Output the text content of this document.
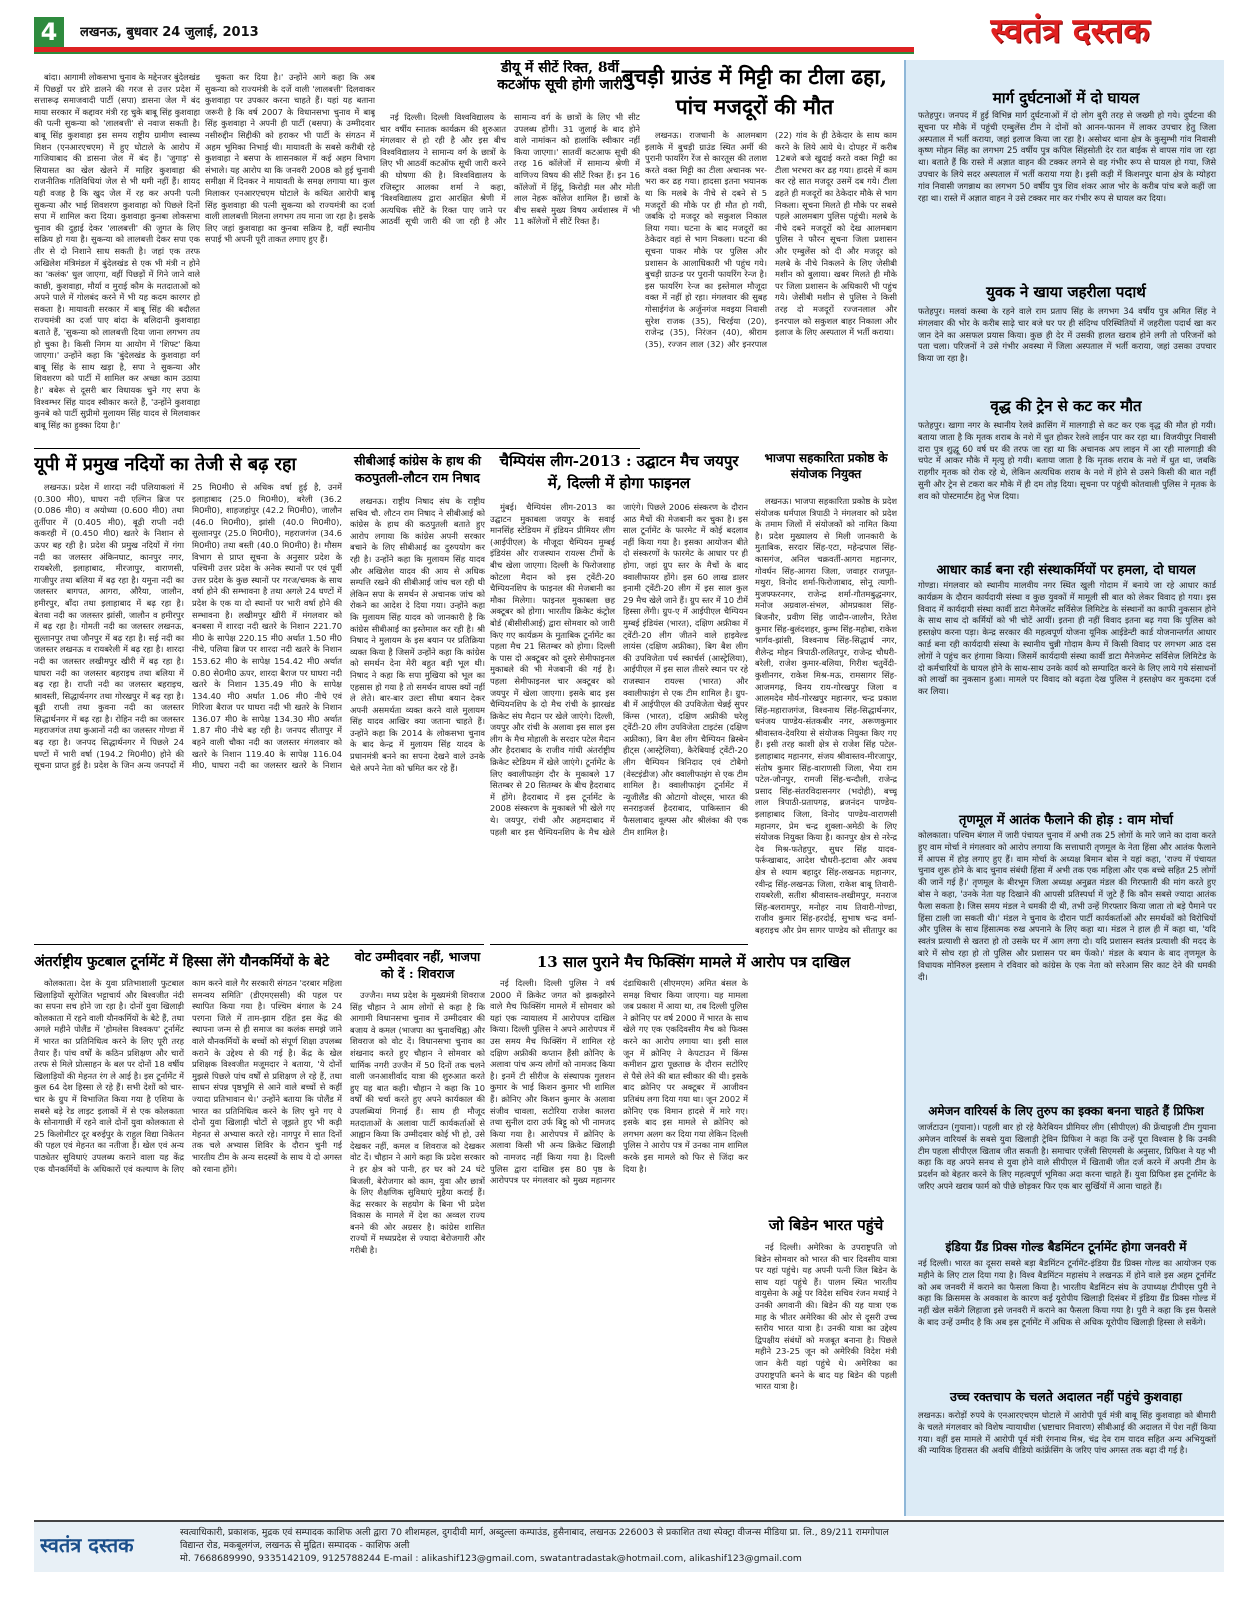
4	लखनऊ, बुधवार 24 जुलाई, 2013	स्वतंत्र दस्तक

बांदा। आगामी लोकसभा चुनाव के मद्देनजर बुंदेलखंड में पिछड़ों पर डोरे डालने की गरज से उत्तर प्रदेश में सत्तारूढ़ समाजवादी पार्टी (सपा) डासना जेल में बंद माया सरकार में कद्दावर मंत्री रह चुके बाबू सिंह कुशवाहा की पत्नी सुकन्या को 'लालबत्ती' से नवाज सकती है। बाबू सिंह कुशवाहा इस समय राष्ट्रीय ग्रामीण स्वास्थ्य मिशन (एनआरएचएम) में हुए घोटाले के आरोप में गाजियाबाद की डासना जेल में बंद हैं। 'जुगाड़' से सियासत का खेल खेलने में माहिर कुशवाहा की राजनीतिक गतिविधियां जेल से भी थमी नहीं हैं। शायद यही वजह है कि खुद जेल में रह कर अपनी पत्नी सुकन्या और भाई शिवशरण कुशवाहा को पिछले दिनों सपा में शामिल करा दिया। कुशवाहा कुनबा लोकसभा चुनाव की दुहाई देकर 'लालबत्ती' की जुगत के लिए सक्रिय हो गया है। सुकन्या को लालबत्ती देकर सपा एक तीर से दो निशाने साध सकती है। जहां एक तरफ अखिलेश मंत्रिमंडल में बुंदेलखंड से एक भी मंत्री न होने का 'कलंक' धुल जाएगा, वहीं पिछड़ों में गिने जाने वाले काछी, कुशवाहा, मौर्या व मुराई कौम के मतदाताओं को अपने पाले में गोलबंद करने में भी यह कदम कारगर हो सकता है। मायावती सरकार में बाबू सिंह की बदौलत राज्यमंत्री का दर्जा पाए बांदा के बलिदानी कुशवाहा बताते हैं, 'सुकन्या को लालबत्ती दिया जाना लगभग तय हो चुका है। किसी निगम या आयोग में 'शिफ्ट' किया जाएगा।' उन्होंने कहा कि 'बुंदेलखंड के कुशवाहा वर्ग बाबू सिंह के साथ खड़ा है, सपा ने सुकन्या और शिवशरण को पार्टी में शामिल कर अच्छा काम उठाया है।' बबेरू से दूसरी बार विधायक चुने गए सपा के विश्वम्भर सिंह यादव स्वीकार करते हैं, 'उन्होंने कुशवाहा कुनबे को पार्टी सुप्रीमो मुलायम सिंह यादव से मिलवाकर बाबू सिंह का हुक्का दिया है।'

चुकता कर दिया है।' उन्होंने आगे कहा कि अब सुकन्या को राज्यमंत्री के दर्जे वाली 'लालबत्ती' दिलवाकर कुशवाहा पर उपकार करना चाहते हैं। यहां यह बताना जरूरी है कि वर्ष 2007 के विधानसभा चुनाव में बाबू सिंह कुशवाहा ने अपनी ही पार्टी (बसपा) के उम्मीदवार नसीरुद्दीन सिद्दीकी को हराकर भी पार्टी के संगठन में अहम भूमिका निभाई थी। मायावती के सबसे करीबी रहे कुशवाहा ने बसपा के शासनकाल में कई अहम विभाग संभाले। यह आरोप था कि जनवरी 2008 को हुई चुनावी समीक्षा में दिनकर ने मायावती के समक्ष लगाया था। कुल मिलाकर एनआरएचएम घोटाले के कथित आरोपी बाबू सिंह कुशवाहा की पत्नी सुकन्या को राज्यमंत्री का दर्जा वाली लालबत्ती मिलना लगभग तय माना जा रहा है। इसके लिए जहां कुशवाहा का कुनबा सक्रिय है, वहीं स्थानीय सपाई भी अपनी पूरी ताकत लगाए हुए हैं।

डीयू में सीटें रिक्त, 8वीं कटऑफ सूची होगी जारी

नई दिल्ली। दिल्ली विश्वविद्यालय के चार वर्षीय स्नातक कार्यक्रम की शुरुआत मंगलवार से हो रही है और इस बीच विश्वविद्यालय ने सामान्य वर्ग के छात्रों के लिए भी आठवीं कटऑफ सूची जारी करने की घोषणा की है। विश्वविद्यालय के रजिस्ट्रार आलका शर्मा ने कहा, 'विश्वविद्यालय द्वारा आरक्षित श्रेणी में अत्यधिक सीटें के रिक्त पाए जाने पर आठवीं सूची जारी की जा रही है और सामान्य वर्ग के छात्रों के लिए भी सीट उपलब्ध होंगी। 31 जुलाई के बाद होने वाले नामांकन को हालांकि स्वीकार नहीं किया जाएगा।' सातवीं कटआफ सूची की तरह 16 कॉलेजों में सामान्य श्रेणी में वाणिज्य विषय की सीटें रिक्त हैं। इन 16 कॉलेजों में हिंदू, किरोड़ी मल और मोती लाल नेहरू कॉलेज शामिल हैं। छात्रों के बीच सबसे मुख्य विषय अर्थशास्त्र में भी 11 कॉलेजों में सीटें रिक्त हैं।

बुचड़ी ग्राउंड में मिट्टी का टीला ढहा, पांच मजदूरों की मौत

लखनऊ। राजधानी के आलमबाग इलाके में बुचड़ी ग्राउंड स्थित अर्मी की पुरानी फायरिंग रेंज से कारतूस की तलाश करते वक्त मिट्टी का टीला अचानक भर-भरा कर ढह गया। हादसा इतना भयानक था कि मलबे के नीचे से दबने से 5 मजदूरों की मौके पर ही मौत हो गयी, जबकि दो मजदूर को सकुशल निकाल लिया गया। घटना के बाद मजदूरों का ठेकेदार वहां से भाग निकला। घटना की सूचना पाकर मौके पर पुलिस और प्रशासन के आलाधिकारी भी पहुंच गये। बुचड़ी ग्राउन्ड पर पुरानी फायरिंग रेन्ज है। इस फायरिंग रेन्ज का इस्तेमाल मौजूदा वक्त में नहीं हो रहा। मंगलवार की सुबह गोसाईगंज के अर्जुनगंज मवइया निवासी सुरेश राजक (35), चिरईया (20), राजेन्द्र (35), निरंजन (40), श्रीराम (35), रज्जन लाल (32) और इनरपाल (22) गांव के ही ठेकेदार के साथ काम करने के लिये आये थे। दोपहर में करीब 12बजे बजे खुदाई करते वक्त मिट्टी का टीला भरभरा कर ढह गया। हादसे में काम कर रहे सात मजदूर उसमें दब गये। टीला ढहते ही मजदूरों का ठेकेदार मौके से भाग निकला। सूचना मिलते ही मौके पर सबसे पहले आलमबाग पुलिस पहुंची। मलबे के नीचे दबने मजदूरों को देख आलमबाग पुलिस ने फौरन सूचना जिला प्रशासन और एम्बुलेंस को दी और मजदूर को मलबे के नीचे निकलने के लिए जेसीबी मशीन को बुलाया। खबर मिलते ही मौके पर जिला प्रशासन के अधिकारी भी पहुंच गये। जेसीबी मशीन से पुलिस ने किसी तरह दो मजदूरों रज्जनलाल और इनरपाल को सकुशल बाहर निकाला और इलाज के लिए अस्पताल में भर्ती कराया।

यूपी में प्रमुख नदियों का तेजी से बढ़ रहा

लखनऊ। प्रदेश में शारदा नदी पलियाकलां में (0.300 मी0), घाघरा नदी एल्गिन ब्रिज पर (0.086 मी0) व अयोध्या (0.600 मी0) तथा तुर्तीपार में (0.405 मी0), बूढ़ी राप्ती नदी ककरही में (0.450 मी0) खतरे के निशान से ऊपर बह रही है। प्रदेश की प्रमुख नदियों में गंगा नदी का जलस्तर अंकिनघाट, कानपुर नगर, रायबरेली, इलाहाबाद, मीरजापुर, वाराणसी, गाजीपुर तथा बलिया में बढ़ रहा है। यमुना नदी का जलस्तर बागपत, आगरा, औरैया, जालौन, हमीरपुर, बाँदा तथा इलाहाबाद में बढ़ रहा है। बेतवा नदी का जलस्तर झांसी, जालौन व हमीरपुर में बढ़ रहा है। गोमती नदी का जलस्तर लखनऊ, सुल्तानपुर तथा जौनपुर में बढ़ रहा है। सई नदी का जलस्तर लखनऊ व रायबरेली में बढ़ रहा है। शारदा नदी का जलस्तर लखीमपुर खीरी में बढ़ रहा है। घाघरा नदी का जलस्तर बहराइच तथा बलिया में बढ़ रहा है। राप्ती नदी का जलस्तर बहराइच, श्रावस्ती, सिद्धार्थनगर तथा गोरखपुर में बढ़ रहा है। बूढ़ी राप्ती तथा कुवना नदी का जलस्तर सिद्धार्थनगर में बढ़ रहा है। रोहिन नदी का जलस्तर महराजगंज तथा कुआनों नदी का जलस्तर गोण्डा में बढ़ रहा है। जनपद सिद्धार्थनगर में पिछले 24 घण्टों में भारी वर्षा (194.2 मि0मी0) होने की सूचना प्राप्त हुई है। प्रदेश के जिन अन्य जनपदों में 25 मि0मी0 से अधिक वर्षा हुई है, उनमें इलाहाबाद (25.0 मि0मी0), बरेली (36.2 मि0मी0), शाहजहांपुर (42.2 मि0मी0), जालौन (46.0 मि0मी0), झांसी (40.0 मि0मी0), सुल्तानपुर (25.0 मि0मी0), महराजगंज (34.6 मि0मी0) तथा बस्ती (40.0 मि0मी0) है। मौसम विभाग से प्राप्त सूचना के अनुसार प्रदेश के पश्चिमी उत्तर प्रदेश के अनेक स्थानों पर एवं पूर्वी उत्तर प्रदेश के कुछ स्थानों पर गरज/चमक के साथ वर्षा होने की सम्भावना है तथा अगले 24 घण्टों में प्रदेश के एक या दो स्थानों पर भारी वर्षा होने की सम्भावना है। लखीमपुर खीरी में मंगलवार को बनबसा में शारदा नदी खतरे के निशान 221.70 मी0 के सापेक्ष 220.15 मी0 अर्थात 1.50 मी0 नीचे, पलिया ब्रिज पर शारदा नदी खतरे के निशान 153.62 मी0 के सापेक्ष 154.42 मी0 अर्थात 0.80 से0मी0 ऊपर, शारदा बैराज पर घाघरा नदी खतरे के निशान 135.49 मी0 के सापेक्ष 134.40 मी0 अर्थात 1.06 मी0 नीचे एवं गिरिजा बैराज पर घाघरा नदी भी खतरे के निशान 136.07 मी0 के सापेक्ष 134.30 मी0 अर्थात 1.87 मी0 नीचे बह रही है। जनपद सीतापुर में बहने वाली चौका नदी का जलस्तर मंगलवार को खतरे के निशान 119.40 के सापेक्ष 116.04 मी0, घाघरा नदी का जलस्तर खतरे के निशान

सीबीआई कांग्रेस के हाथ की कठपुतली-लौटन राम निषाद

लखनऊ। राष्ट्रीय निषाद संघ के राष्ट्रीय सचिव चौ. लौटन राम निषाद ने सीबीआई को कांग्रेस के हाथ की कठपुतली बताते हुए आरोप लगाया कि कांग्रेस अपनी सरकार बचाने के लिए सीबीआई का दुरुपयोग कर रही है। उन्होंने कहा कि मुलायम सिंह यादव और अखिलेश यादव की आय से अधिक सम्पत्ति रखने की सीबीआई जांच चल रही थी लेकिन सपा के समर्थन से अचानक जांच को रोकने का आदेश दे दिया गया। उन्होंने कहा कि मुलायम सिंह यादव को जानकारी है कि कांग्रेस सीबीआई का इस्तेमाल कर रही है। श्री निषाद ने मुलायम के इस बयान पर प्रतिक्रिया व्यक्त किया है जिसमें उन्होंने कहा कि कांग्रेस को समर्थन देना मेरी बहुत बड़ी भूल थी। निषाद ने कहा कि सपा मुखिया को भूल का एहसास हो गया है तो समर्थन वापस क्यों नहीं ले लेते। बार-बार उल्टा सीधा बयान देकर अपनी असमर्थता व्यक्त करने वाले मुलायम सिंह यादव आखिर क्या जताना चाहते हैं। उन्होंने कहा कि 2014 के लोकसभा चुनाव के बाद केन्द्र में मुलायम सिंह यादव के प्रधानमंत्री बनने का सपना देखने वाले उनके चेले अपने नेता को भ्रमित कर रहे हैं।

चैम्पियंस लीग-2013 : उद्घाटन मैच जयपुर में, दिल्ली में होगा फाइनल

मुंबई। चैम्पियंस लीग-2013 का उद्घाटन मुकाबला जयपुर के सवाई मानसिंह स्टेडियम में इंडियन प्रीमियर लीग (आईपीएल) के मौजूदा चैम्पियन मुम्बई इंडियंस और राजस्थान रायल्स टीमों के बीच खेला जाएगा। दिल्ली के फिरोजशाह कोटला मैदान को इस ट्वेंटी-20 चैम्पियनशिप के फाइनल की मेजबानी का मौका मिलेगा। फाइनल मुकाबला छह अक्टूबर को होगा। भारतीय क्रिकेट कंट्रोल बोर्ड (बीसीसीआई) द्वारा सोमवार को जारी किए गए कार्यक्रम के मुताबिक टूर्नामेंट का पहला मैच 21 सितम्बर को होगा। दिल्ली के पास दो अक्टूबर को दूसरे सेमीफाइनल मुकाबले की भी मेजबानी की गई है। पहला सेमीफाइनल चार अक्टूबर को जयपुर में खेला जाएगा। इसके बाद इस चैम्पियनशिप के दो मैच रांची के झारखंड क्रिकेट संघ मैदान पर खेले जाएंगे। दिल्ली, जयपुर और रांची के अलावा इस साल इस लीग के मैच मोहाली के सरदार पटेल मैदान और हैदराबाद के राजीव गांधी अंतर्राष्ट्रीय क्रिकेट स्टेडियम में खेले जाएंगे। टूर्नामेंट के लिए क्वालीफाइंग दौर के मुकाबले 17 सितम्बर से 20 सितम्बर के बीच हैदराबाद में होंगे। हैदराबाद में इस टूर्नामेंट के 2008 संस्करण के मुकाबले भी खेले गए थे। जयपुर, रांची और अहमदाबाद में पहली बार इस चैम्पियनशिप के मैच खेले जाएंगे। पिछले 2006 संस्करण के दौरान आठ मैचों की मेजबानी कर चुका है। इस साल टूर्नामेंट के फारमेट में कोई बदलाव नहीं किया गया है। इसका आयोजन बीते दो संस्करणों के फारमेट के आधार पर ही होगा, जहां ग्रुप स्तर के मैचों के बाद क्वालीफायर होंगे। इस 60 लाख डालर इनामी ट्वेंटी-20 लीग में इस साल कुल 29 मैच खेले जाने हैं। ग्रुप स्तर में 10 टीमें हिस्सा लेंगी। ग्रुप-ए में आईपीएल चैम्पियन मुम्बई इंडियंस (भारत), दक्षिण अफ्रीका में ट्वेंटी-20 लीग जीतने वाले हाइवेल्ड लायंस (दक्षिण अफ्रीका), बिग बैश लीग की उपविजेता पर्थ स्कार्चर्स (आस्ट्रेलिया), आईपीएल में इस साल तीसरे स्थान पर रहे राजस्थान रायल्स (भारत) और क्वालीफाइंग से एक टीम शामिल है। ग्रुप-बी में आईपीएल की उपविजेता चेन्नई सुपर किंग्स (भारत), दक्षिण अफ्रीकी घरेलू ट्वेंटी-20 लीग उपविजेता टाइटंस (दक्षिण अफ्रीका), बिग बैश लीग चैम्पियन ब्रिस्बेन हीट्स (आस्ट्रेलिया), कैरेबियाई ट्वेंटी-20 लीग चैम्पियन त्रिनिदाद एवं टोबैगो (वेस्टइंडीज) और क्वालीफाइंग से एक टीम शामिल है। क्वालीफाइंग टूर्नामेंट में न्यूजीलैंड की ओटागो वोल्ट्स, भारत की सनराइजर्स हैदराबाद, पाकिस्तान की फैसलाबाद वूल्फ्स और श्रीलंका की एक टीम शामिल है।

भाजपा सहकारिता प्रकोष्ठ के संयोजक नियुक्त

लखनऊ। भाजपा सहकारिता प्रकोष्ठ के प्रदेश संयोजक धर्मपाल त्रिपाठी ने मंगलवार को प्रदेश के तमाम जिलों में संयोजकों को नामित किया है। प्रदेश मुख्यालय से मिली जानकारी के मुताबिक, सरदार सिंह-एटा, महेन्द्रपाल सिंह-कासगंज, अनिल चक्रवर्ती-आगरा महानगर, गोवर्धन सिंह-आगरा जिला, जवाहर राजपूत-मथुरा, विनोद शर्मा-फिरोजाबाद, सोनू त्यागी-मुजफ्फरनगर, राजेन्द्र शर्मा-गौतमबुद्धनगर, मनोज अग्रवाल-संभल, ओमप्रकाश सिंह-बिजनौर, प्रवीण सिंह जादौन-जालौन, रितेश कुमार सिंह-बुलंदशहर, कुम्भ सिंह-महोबा, राकेश भार्गव-झांसी, विश्वनाथ सिंह-सिद्धार्थ नगर, शैलेन्द्र मोहन त्रिपाठी-ललितपुर, राजेन्द्र चौधरी-बरेली, राजेश कुमार-बलिया, गिरीश चतुर्वेदी-कुशीनगर, राकेश मिश्र-मऊ, रामसागर सिंह-आजमगढ़, विनय राय-गोरखपुर जिला व आलमदेव मौर्य-गोरखपुर महानगर, चन्द्र प्रकाश सिंह-महाराजगंज, विश्वनाथ सिंह-सिद्धार्थनगर, धनंजय पाण्डेय-संतकबीर नगर, अरूणकुमार श्रीवास्तव-देवरिया से संयोजक नियुक्त किए गए हैं। इसी तरह काशी क्षेत्र से राजेश सिंह पटेल-इलाहाबाद महानगर, संजय श्रीवास्तव-मीरजापुर, संतोष कुमार सिंह-वाराणसी जिला, भैया राम पटेल-जौनपुर, रामजी सिंह-चन्दौली, राजेन्द्र प्रसाद सिंह-संतरविदासनगर (भदोही), बच्चू लाल त्रिपाठी-प्रतापगढ़, ब्रजनंदन पाण्डेय-इलाहाबाद जिला, विनोद पाण्डेय-वाराणसी महानगर, प्रेम चन्द्र शुक्ला-अमेठी के लिए संयोजक नियुक्त किया है। कानपुर क्षेत्र से नरेन्द्र देव मिश्र-फतेहपुर, सुधर सिंह यादव-फर्रूखाबाद, आदेश चौधरी-इटावा और अवध क्षेत्र से श्याम बहादुर सिंह-लखनऊ महानगर, रवीन्द्र सिंह-लखनऊ जिला, राकेश बाबू तिवारी-रायबरेली, सतीश श्रीवास्तव-लखीमपुर, मनराज सिंह-बलरामपुर, मनोहर नाथ तिवारी-गोण्डा, राजीव कुमार सिंह-हरदोई, सुभाष चन्द्र वर्मा-बहराइच और प्रेम सागर पाण्डेय को सीतापुर का

अंतर्राष्ट्रीय फुटबाल टूर्नामेंट में हिस्सा लेंगे यौनकर्मियों के बेटे

कोलकाता। देश के युवा प्रतिभाशाली फुटबाल खिलाड़ियों सूरोजित भट्टाचार्य और बिश्वजीत नंदी का सपना सच होने जा रहा है। दोनों युवा खिलाड़ी कोलकाता में रहने वाली यौनकर्मियों के बेटे हैं, तथा अगले महीने पोलैंड में 'होमलेस विश्वकप' टूर्नामेंट में भारत का प्रतिनिधित्व करने के लिए पूरी तरह तैयार हैं। पांच वर्षों के कठिन प्रशिक्षण और चारों तरफ से मिले प्रोत्साहन के बल पर दोनों 18 वर्षीय खिलाड़ियों की मेहनत रंग ले आई है। इस टूर्नामेंट में कुल 64 देश हिस्सा ले रहे हैं। सभी देशों को चार-चार के ग्रुप में विभाजित किया गया है एशिया के सबसे बड़े रेड लाइट इलाकों में से एक कोलकाता के सोनागाछी में रहने वाले दोनों युवा कोलकाता से 25 किलोमीटर दूर बरुईपुर के राहुल विद्या निकेतन की पहल एवं मेहनत का नतीजा हैं। खेल एवं अन्य पाठ्येतर सुविधाएं उपलब्ध कराने वाला यह केंद्र एक यौनकर्मियों के अधिकारों एवं कल्याण के लिए काम करने वाले गैर सरकारी संगठन 'दरबार महिला समन्वय समिति' (डीएमएससी) की पहल पर स्थापित किया गया है। पश्चिम बंगाल के 24 परगना जिले में ताम-झाम रहित इस केंद्र की स्थापना जन्म से ही समाज का कलंक समझे जाने वाले यौनकर्मियों के बच्चों को संपूर्ण शिक्षा उपलब्ध कराने के उद्देश्य से की गई है। केंद्र के खेल प्रशिक्षक विश्वजीत मजूमदार ने बताया, 'ये दोनों मुझसे पिछले पांच वर्षों से प्रशिक्षण ले रहे हैं, तथा साधन संपन्न पृष्ठभूमि से आने वाले बच्चों से कहीं ज्यादा प्रतिभावान थे।' उन्होंने बताया कि पोलैंड में भारत का प्रतिनिधित्व करने के लिए चुने गए ये दोनों युवा खिलाड़ी चोटों से जूझते हुए भी कड़ी मेहनत से अभ्यास करते रहे। नागपुर में सात दिनों तक चले अभ्यास शिविर के दौरान चुनी गई भारतीय टीम के अन्य सदस्यों के साथ ये दो अगस्त को रवाना होंगे।

वोट उम्मीदवार नहीं, भाजपा को दें : शिवराज

उज्जैन। मध्य प्रदेश के मुख्यमंत्री शिवराज सिंह चौहान ने आम लोगों से कहा है कि आगामी विधानसभा चुनाव में उम्मीदवार की बजाय वे कमल (भाजपा का चुनावचिह्न) और शिवराज को वोट दें। विधानसभा चुनाव का शंखनाद करते हुए चौहान ने सोमवार को धार्मिक नगरी उज्जैन में 50 दिनों तक चलने वाली जनआशीर्वाद यात्रा की शुरुआत करते हुए यह बात कही। चौहान ने कहा कि 10 वर्षों की चर्चा करते हुए अपने कार्यकाल की उपलब्धियां गिनाई हैं। साथ ही मौजूद मतदाताओं के अलावा पार्टी कार्यकर्ताओं से आह्वान किया कि उम्मीदवार कोई भी हो, उसे देखकर नहीं, कमल व शिवराज को देखकर वोट दें। चौहान ने आगे कहा कि प्रदेश सरकार ने हर क्षेत्र को पानी, हर घर को 24 घंटे बिजली, बेरोजगार को काम, युवा और छात्रों के लिए शैक्षणिक सुविधाएं मुहैया कराई हैं। केंद्र सरकार के सहयोग के बिना भी प्रदेश विकास के मामले में देश का अव्वल राज्य बनने की ओर अग्रसर है। कांग्रेस शासित राज्यों में मध्यप्रदेश से ज्यादा बेरोजगारी और गरीबी है।

13 साल पुराने मैच फिक्सिंग मामले में आरोप पत्र दाखिल

नई दिल्ली। दिल्ली पुलिस ने वर्ष 2000 में क्रिकेट जगत को झकझोरने वाले मैच फिक्सिंग मामले में सोमवार को यहां एक न्यायालय में आरोपपत्र दाखिल किया। दिल्ली पुलिस ने अपने आरोपपत्र में उस समय मैच फिक्सिंग में शामिल रहे दक्षिण अफ्रीकी कप्तान हैंसी क्रोनिए के अलावा पांच अन्य लोगों को नामजद किया है। इनमें टी सीरीज के संस्थापक गुलशन कुमार के भाई किशन कुमार भी शामिल हैं। क्रोनिए और किशन कुमार के अलावा संजीव चावला, सटोरिया राजेश कालरा तथा सुनील दारा उर्फ बिट्टू को भी नामजद किया गया है। आरोपपत्र में क्रोनिए के अलावा किसी भी अन्य क्रिकेट खिलाड़ी को नामजद नहीं किया गया है। दिल्ली पुलिस द्वारा दाखिल इस 80 पृष्ठ के आरोपपत्र पर मंगलवार को मुख्य महानगर दंडाधिकारी (सीएमएम) अमित बंसल के समक्ष विचार किया जाएगा। यह मामला जब प्रकाश में आया था, तब दिल्ली पुलिस ने क्रोनिए पर वर्ष 2000 में भारत के साथ खेले गए एक एकदिवसीय मैच को फिक्स करने का आरोप लगाया था। इसी साल जून में क्रोनिए ने केपटाउन में किंग्स कमीशन द्वारा पूछताछ के दौरान सटोरिए से पैसे लेने की बात स्वीकार की थी। इसके बाद क्रोनिए पर अक्टूबर में आजीवन प्रतिबंध लगा दिया गया था। जून 2002 में क्रोनिए एक विमान हादसे में मारे गए। इसके बाद इस मामले से क्रोनिए को लगभग अलग कर दिया गया लेकिन दिल्ली पुलिस ने आरोप पत्र में उनका नाम शामिल करके इस मामले को फिर से जिंदा कर दिया है।

जो बिडेन भारत पहुंचे

नई दिल्ली। अमेरिका के उपराष्ट्रपति जो बिडेन सोमवार को भारत की चार दिवसीय यात्रा पर यहां पहुंचे। यह अपनी पत्नी जिल बिडेन के साथ यहां पहुंचे हैं। पालम स्थित भारतीय वायुसेना के अड्डे पर विदेश सचिव रंजन मथाई ने उनकी अगवानी की। बिडेन की यह यात्रा एक माह के भीतर अमेरिका की ओर से दूसरी उच्च स्तरीय भारत यात्रा है। उनकी यात्रा का उद्देश्य द्विपक्षीय संबंधों को मजबूत बनाना है। पिछले महीने 23-25 जून को अमेरिकी विदेश मंत्री जान केरी यहां पहुंचे थे। अमेरिका का उपराष्ट्रपति बनने के बाद यह बिडेन की पहली भारत यात्रा है।

मार्ग दुर्घटनाओं में दो घायल
फतेहपुर। जनपद में हुई विभिन्न मार्ग दुर्घटनाओं में दो लोग बुरी तरह से जख्मी हो गये। दुर्घटना की सूचना पर मौके में पहुंची एम्बुलेंस टीम ने दोनों को आनन-फानन में लाकर उपचार हेतु जिला अस्पताल में भर्ती कराया, जहां इलाज किया जा रहा है। असोथर थाना क्षेत्र के कुसुम्भी गांव निवासी कृष्ण मोहन सिंह का लगभग 25 वर्षीय पुत्र कपिल सिंहसोती देर रात बाईक से वापस गांव जा रहा था। बताते हैं कि रास्ते में अज्ञात वाहन की टक्कर लगने से वह गंभीर रूप से घायल हो गया, जिसे उपचार के लिये सदर अस्पताल में भर्ती कराया गया है। इसी कड़ी में किशनपुर थाना क्षेत्र के म्योहरा गांव निवासी जगन्नाथ का लगभग 50 वर्षीय पुत्र शिव शंकर आज भोर के करीब पांच बजे कहीं जा रहा था। रास्ते में अज्ञात वाहन ने उसे टक्कर मार कर गंभीर रूप से घायल कर दिया।
युवक ने खाया जहरीला पदार्थ
फतेहपुर। मलवां कस्बा के रहने वाले राम प्रताप सिंह के लगभग 34 वर्षीय पुत्र अमित सिंह ने मंगलवार की भोर के करीब साढ़े चार बजे घर पर ही संदिग्ध परिस्थितियों में जहरीला पदार्थ खा कर जान देने का असफल प्रयास किया। कुछ ही देर में उसकी हालत खराब होने लगी तो परिजनों को पता चला। परिजनों ने उसे गंभीर अवस्था में जिला अस्पताल में भर्ती कराया, जहां उसका उपचार किया जा रहा है।
वृद्ध की ट्रेन से कट कर मौत
फतेहपुर। खागा नगर के स्थानीय रेलवे क्रासिंग में मालगाड़ी से कट कर एक वृद्ध की मौत हो गयी। बताया जाता है कि मृतक शराब के नशे में धुत होकर रेलवे लाईन पार कर रहा था। विजयीपुर निवासी दारा पुत्र शुद्धू 60 वर्ष घर की तरफ जा रहा था कि अचानक अप लाइन में आ रही मालगाड़ी की चपेट में आकर मौके में मृत्यु हो गयी। बताया जाता है कि मृतक शराब के नशे में धुत था, जबकि राहगीर मृतक को रोक रहे थे, लेकिन अत्यधिक शराब के नशे में होने से उसने किसी की बात नहीं सुनी और ट्रेन से टकरा कर मौके में ही दम तोड़ दिया। सूचना पर पहुंची कोतवाली पुलिस ने मृतक के शव को पोस्टमार्टम हेतु भेज दिया।
आधार कार्ड बना रही संस्थाकर्मियों पर हमला, दो घायल
गोण्डा। मंगलवार को स्थानीय मालवीय नगर स्थित खुली गोदाम में बनाये जा रहे आधार कार्ड कार्यक्रम के दौरान कार्यदायी संस्था व कुछ युवकों में मामूली सी बात को लेकर विवाद हो गया। इस विवाद में कार्यदायी संस्था कार्वी डाटा मैनेजमेंट सर्विसेज लिमिटेड के संस्थानों का काफी नुकसान होने के साथ साथ दो कर्मियों को भी चोटें आयीं। इतना ही नहीं विवाद इतना बढ़ गया कि पुलिस को हस्तक्षेप करना पड़ा। केन्द्र सरकार की महत्वपूर्ण योजना यूनिक आईडेन्टी कार्ड योजनान्तर्गत आधार कार्ड बना रही कार्यदायी संस्था के स्थानीय चुन्नी गोदाम कैम्प में किसी विवाद पर लगभग आठ दस लोगों ने पहुंच कर हंगामा किया। जिसमें कार्यदायी संस्था कार्वी डाटा मैनेजमेन्ट सर्विसेज लिमिटेड के दो कर्मचारियों के घायल होने के साथ-साथ उनके कार्य को सम्पादित करने के लिए लाये गये संसाधनों को लाखों का नुकसान हुआ। मामले पर विवाद को बढ़ता देख पुलिस ने हस्तक्षेप कर मुकदमा दर्ज कर लिया।
तृणमूल में आतंक फैलाने की होड़ : वाम मोर्चा
कोलकाता। पश्चिम बंगाल में जारी पंचायत चुनाव में अभी तक 25 लोगों के मारे जाने का दावा करते हुए वाम मोर्चा ने मंगलवार को आरोप लगाया कि सत्ताधारी तृणमूल के नेता हिंसा और आतंक फैलाने में आपस में होड़ लगाए हुए हैं। वाम मोर्चा के अध्यक्ष बिमान बोस ने यहां कहा, 'राज्य में पंचायत चुनाव शुरू होने के बाद चुनाव संबंधी हिंसा में अभी तक एक महिला और एक बच्चे सहित 25 लोगों की जानें गई हैं।' तृणमूल के बीरभूम जिला अध्यक्ष अनुब्रत मंडल की गिरफ्तारी की मांग करते हुए बोस ने कहा, 'उनके नेता यह दिखाने की आपसी प्रतिस्पर्धा में जुटे हैं कि कौन सबसे ज्यादा आतंक फैला सकता है। जिस समय मंडल ने धमकी दी थी, तभी उन्हें गिरफ्तार किया जाता तो बड़े पैमाने पर हिंसा टाली जा सकती थी।' मंडल ने चुनाव के दौरान पार्टी कार्यकर्ताओं और समर्थकों को विरोधियों और पुलिस के साथ हिंसात्मक रुख अपनाने के लिए कहा था। मंडल ने हाल ही में कहा था, 'यदि स्वतंत्र प्रत्याशी से खतरा हो तो उसके घर में आग लगा दो। यदि प्रशासन स्वतंत्र प्रत्याशी की मदद के बारे में सोच रहा हो तो पुलिस और प्रशासन पर बम फेंको।' मंडल के बयान के बाद तृणमूल के विधायक मोनिरुल इस्लाम ने रविवार को कांग्रेस के एक नेता को सरेआम सिर काट देने की धमकी दी।
अमेजन वारियर्स के लिए तुरुप का इक्का बनना चाहते हैं प्रिफिश
जार्जटाउन (गुयाना)। पहली बार हो रहे कैरेबियन प्रीमियर लीग (सीपीएल) की फ्रेंचाइजी टीम गुयाना अमेजन वारियर्स के सबसे युवा खिलाड़ी ट्रेविन प्रिफिश ने कहा कि उन्हें पूरा विश्वास है कि उनकी टीम पहला सीपीएल खिताब जीत सकती है। समाचार एजेंसी सिएमसी के अनुसार, प्रिफिश ने यह भी कहा कि वह अपने सनथ से युवा होने वाले सीपीएल में खिताबी जीत दर्ज करने में अपनी टीम के प्रदर्शन को बेहतर करने के लिए महत्वपूर्ण भूमिका अदा करना चाहते हैं। युवा प्रिफिश इस टूर्नामेंट के जरिए अपने खराब फार्म को पीछे छोड़कर फिर एक बार सुर्खियों में आना चाहते हैं।
इंडिया ग्रैंड प्रिक्स गोल्ड बैडमिंटन टूर्नामेंट होगा जनवरी में
नई दिल्ली। भारत का दूसरा सबसे बड़ा बैडमिंटन टूर्नामेंट-इंडिया ग्रैंड प्रिक्स गोल्ड का आयोजन एक महीने के लिए टाल दिया गया है। विश्व बैडमिंटन महासंघ ने लखनऊ में होने वाले इस अहम टूर्नामेंट को अब जनवरी में कराने का फैसला किया है। भारतीय बैडमिंटन संघ के उपाध्यक्ष टीपीएस पुरी ने कहा कि क्रिसमस के अवकाश के कारण कई यूरोपीय खिलाड़ी दिसंबर में इंडिया ग्रैंड प्रिक्स गोल्ड में नहीं खेल सकेंगे लिहाजा इसे जनवरी में कराने का फैसला किया गया है। पुरी ने कहा कि इस फैसले के बाद उन्हें उम्मीद है कि अब इस टूर्नामेंट में अधिक से अधिक यूरोपीय खिलाड़ी हिस्सा ले सकेंगे।
उच्च रक्तचाप के चलते अदालत नहीं पहुंचे कुशवाहा
लखनऊ। करोड़ों रुपये के एनआरएचएम घोटाले में आरोपी पूर्व मंत्री बाबू सिंह कुशवाहा को बीमारी के चलते मंगलवार को विशेष न्यायाधीश (भ्रष्टाचार निवारण) सीबीआई की अदालत में पेश नहीं किया गया। वहीं इस मामले में आरोपी पूर्व मंत्री रंगनाथ मिश्र, चंद्र देव राम यादव सहित अन्य अभियुक्तों की न्यायिक हिरासत की अवधि वीडियो कांफ्रेंसिंग के जरिए पांच अगस्त तक बढ़ा दी गई है।
स्वतंत्र दस्तक
स्वत्वाधिकारी, प्रकाशक, मुद्रक एवं सम्पादक काशिफ अली द्वारा 70 शीशमहल, दुगदीवी मार्ग, अब्दुल्ला कम्पाउंड, हुसैनाबाद, लखनऊ 226003 से प्रकाशित तथा स्पेक्ट्रा वीजन्स मीडिया प्रा. लि., 89/211 रामगोपाल
विद्यान्त रोड, मकबूलगंज, लखनऊ से मुद्रित। सम्पादक - काशिफ अली
मो. 7668689990, 9335142109, 9125788244 E-mail : alikashif123@gmail.com, swatantradastak@hotmail.com, alikashif123@gmail.com
